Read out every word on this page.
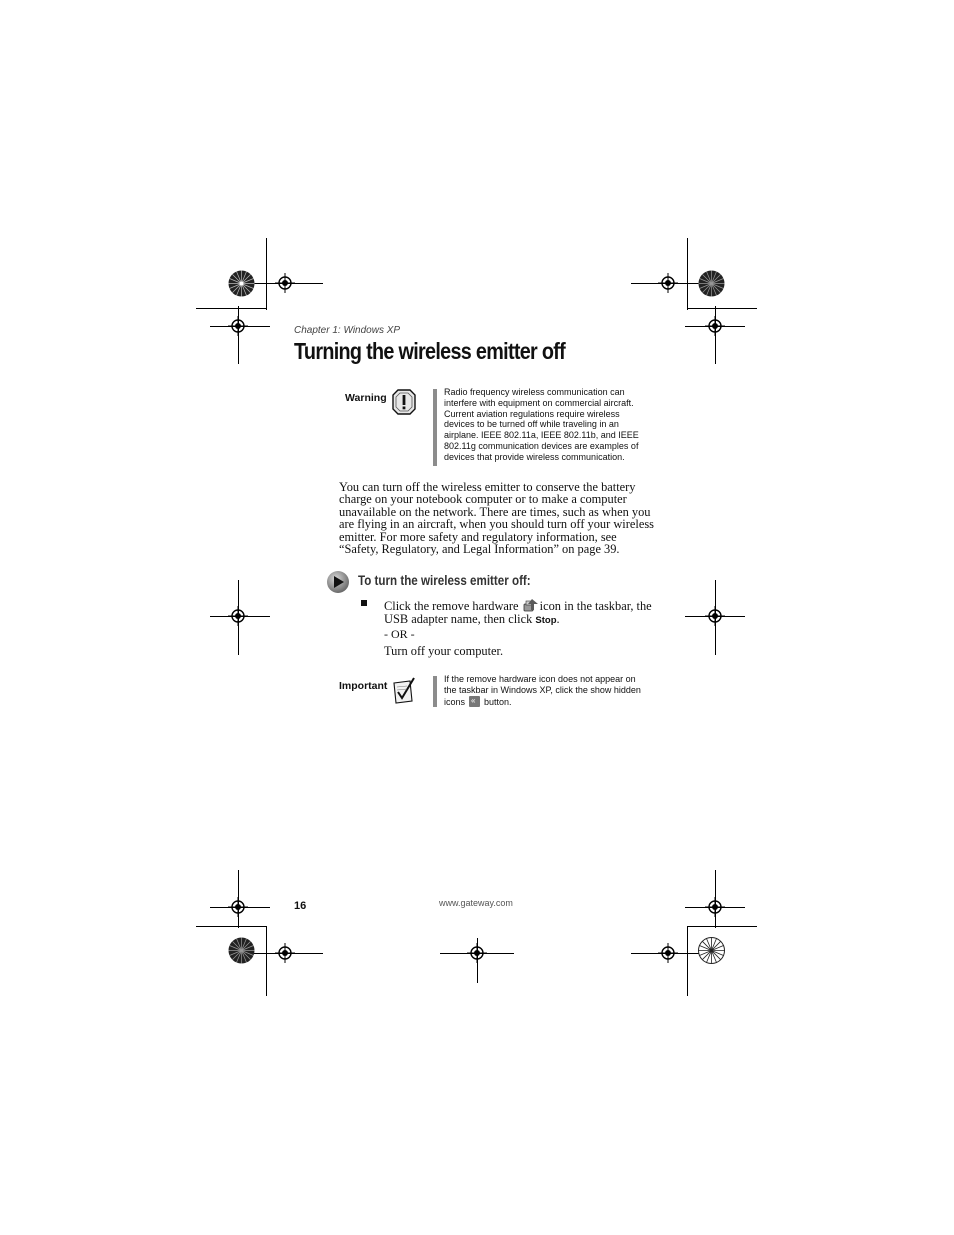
Chapter 1: Windows XP
Turning the wireless emitter off
Warning	Radio frequency wireless communication can
interfere with equipment on commercial aircraft.
Current aviation regulations require wireless
devices to be turned off while traveling in an
airplane. IEEE 802.11a, IEEE 802.11b, and IEEE
802.11g communication devices are examples of
devices that provide wireless communication.
You can turn off the wireless emitter to conserve the battery
charge on your notebook computer or to make a computer
unavailable on the network. There are times, such as when you
are flying in an aircraft, when you should turn off your wireless
emitter. For more safety and regulatory information, see
“Safety, Regulatory, and Legal Information” on page 39.
To turn the wireless emitter off:
Click the remove hardware icon in the taskbar, the
USB adapter name, then click Stop.
- OR -
Turn off your computer.
Important
If the remove hardware icon does not appear on
the taskbar in Windows XP, click the show hidden
icons« button.
16	www.gateway.com
